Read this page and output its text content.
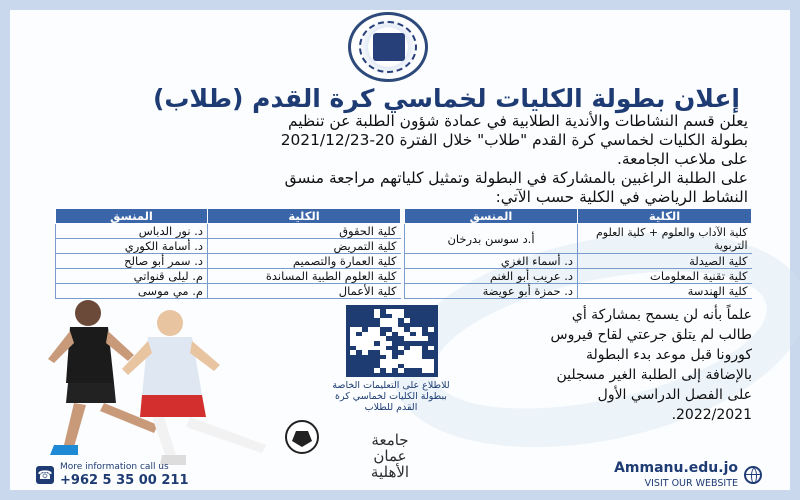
إعلان بطولة الكليات لخماسي كرة القدم (طلاب)
يعلن قسم النشاطات والأندية الطلابية في عمادة شؤون الطلبة عن تنظيم
بطولة الكليات لخماسي كرة القدم "طلاب" خلال الفترة 20-2021/12/23
على ملاعب الجامعة.
على الطلبة الراغبين بالمشاركة في البطولة وتمثيل كلياتهم مراجعة منسق
النشاط الرياضي في الكلية حسب الآتي:
الكلية	المنسق
كلية الآداب والعلوم + كلية العلوم التربوية	أ.د سوسن بدرخان
كلية الصيدلة	د. أسماء الغزي
كلية تقنية المعلومات	د. عريب أبو الغنم
كلية الهندسة	د. حمزة أبو عويضة
الكلية	المنسق
كلية الحقوق	د. نور الدباس
كلية التمريض	د. أسامة الكوري
كلية العمارة والتصميم	د. سمر أبو صالح
كلية العلوم الطبية المساندة	م. ليلى قنواتي
كلية الأعمال	م. مي موسى
علماً بأنه لن يسمح بمشاركة أي
طالب لم يتلق جرعتي لقاح فيروس
كورونا قبل موعد بدء البطولة
بالإضافة إلى الطلبة الغير مسجلين
على الفصل الدراسي الأول
2022/2021.
للاطلاع على التعليمات الخاصة ببطولة الكليات لخماسي كرة القدم للطلاب
جامعة
عمان
الأهلية
☎
More information call us
+962 5 35 00 211
Ammanu.edu.jo
VISIT OUR WEBSITE
